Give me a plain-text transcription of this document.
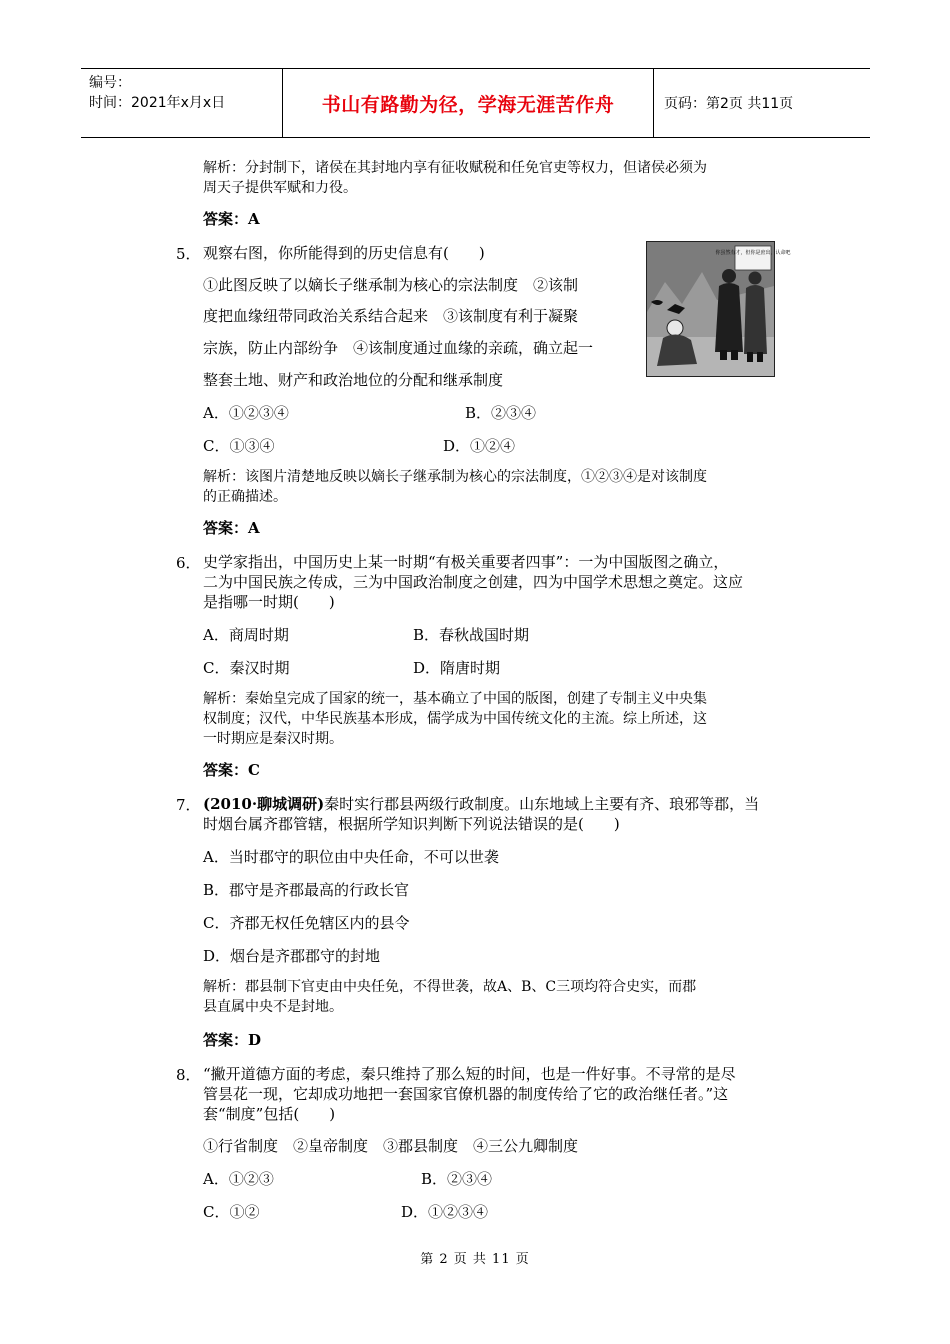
编号：
时间：2021年x月x日	书山有路勤为径，学海无涯苦作舟	页码：第2页 共11页
解析：分封制下，诸侯在其封地内享有征收赋税和任免官吏等权力，但诸侯必须为
周天子提供军赋和力役。
答案：A
5． 观察右图，你所能得到的历史信息有(　　)
①此图反映了以嫡长子继承制为核心的宗法制度　②该制
度把血缘纽带同政治关系结合起来　③该制度有利于凝聚
宗族，防止内部纷争　④该制度通过血缘的亲疏，确立起一
整套土地、财产和政治地位的分配和继承制度
你虽然有才，但你是庶出，认命吧
A．①②③④	B．②③④
C．①③④	D．①②④
解析：该图片清楚地反映以嫡长子继承制为核心的宗法制度，①②③④是对该制度
的正确描述。
答案：A
6． 史学家指出，中国历史上某一时期“有极关重要者四事”：一为中国版图之确立，
二为中国民族之传成，三为中国政治制度之创建，四为中国学术思想之奠定。这应
是指哪一时期(　　)
A．商周时期	B．春秋战国时期
C．秦汉时期	D．隋唐时期
解析：秦始皇完成了国家的统一，基本确立了中国的版图，创建了专制主义中央集
权制度；汉代，中华民族基本形成，儒学成为中国传统文化的主流。综上所述，这
一时期应是秦汉时期。
答案：C
7． (2010·聊城调研)秦时实行郡县两级行政制度。山东地域上主要有齐、琅邪等郡，当
时烟台属齐郡管辖，根据所学知识判断下列说法错误的是(　　)
A．当时郡守的职位由中央任命，不可以世袭
B．郡守是齐郡最高的行政长官
C．齐郡无权任免辖区内的县令
D．烟台是齐郡郡守的封地
解析：郡县制下官吏由中央任免，不得世袭，故A、B、C三项均符合史实，而郡
县直属中央不是封地。
答案：D
8． “撇开道德方面的考虑，秦只维持了那么短的时间，也是一件好事。不寻常的是尽
管昙花一现，它却成功地把一套国家官僚机器的制度传给了它的政治继任者。”这
套“制度”包括(　　)
①行省制度　②皇帝制度　③郡县制度　④三公九卿制度
A．①②③	B．②③④
C．①②	D．①②③④
第 2 页 共 11 页
